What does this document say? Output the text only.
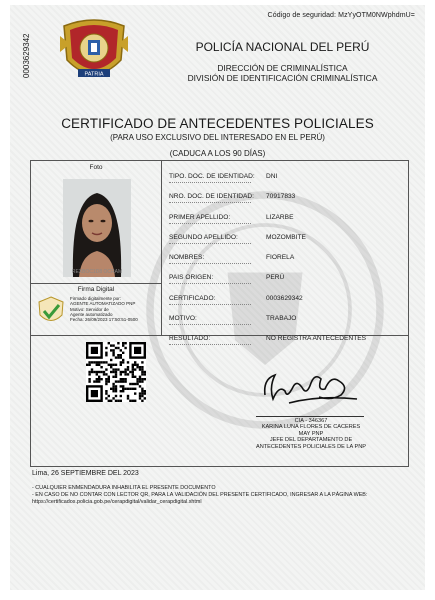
Código de seguridad: MzYyOTM0NWphdmU=
0003629342	PATRIA
POLICÍA NACIONAL DEL PERÚ
DIRECCIÓN DE CRIMINALÍSTICA
DIVISIÓN DE IDENTIFICACIÓN CRIMINALÍSTICA
CERTIFICADO DE ANTECEDENTES POLICIALES
(PARA USO EXCLUSIVO DEL INTERESADO EN EL PERÚ)
(CADUCA A LOS 90 DÍAS)
Foto
REXBOC1D8 OCRAM
Firma Digital
Firmado digitalmente por:
AGENTE AUTOMATIZADO PNP
Motivo: Servidor de
Agente automatizado
Fecha: 26/09/2023 17:50:51-0500
TIPO. DOC. DE IDENTIDAD: DNI
NRO. DOC. DE IDENTIDAD: 70917833
PRIMER APELLIDO:	LIZARBE
SEGUNDO APELLIDO:	MOZOMBITE
NOMBRES:	FIORELA
PAIS ORIGEN:	PERÚ
CERTIFICADO:	0003629342
MOTIVO:	TRABAJO
RESULTADO:	NO REGISTRA ANTECEDENTES
CIA - 346367
KARINA LUNA FLORES DE CACERES
MAY PNP
JEFE DEL DEPARTAMENTO DE
ANTECEDENTES POLICIALES DE LA PNP
Lima, 26 SEPTIEMBRE DEL 2023
- CUALQUIER ENMENDADURA INHABILITA EL PRESENTE DOCUMENTO
- EN CASO DE NO CONTAR CON LECTOR QR, PARA LA VALIDACIÓN DEL PRESENTE CERTIFICADO, INGRESAR A LA PÁGINA WEB:
https://certificados.policia.gob.pe/cerapdigital/validar_cerapdigital.xhtml
